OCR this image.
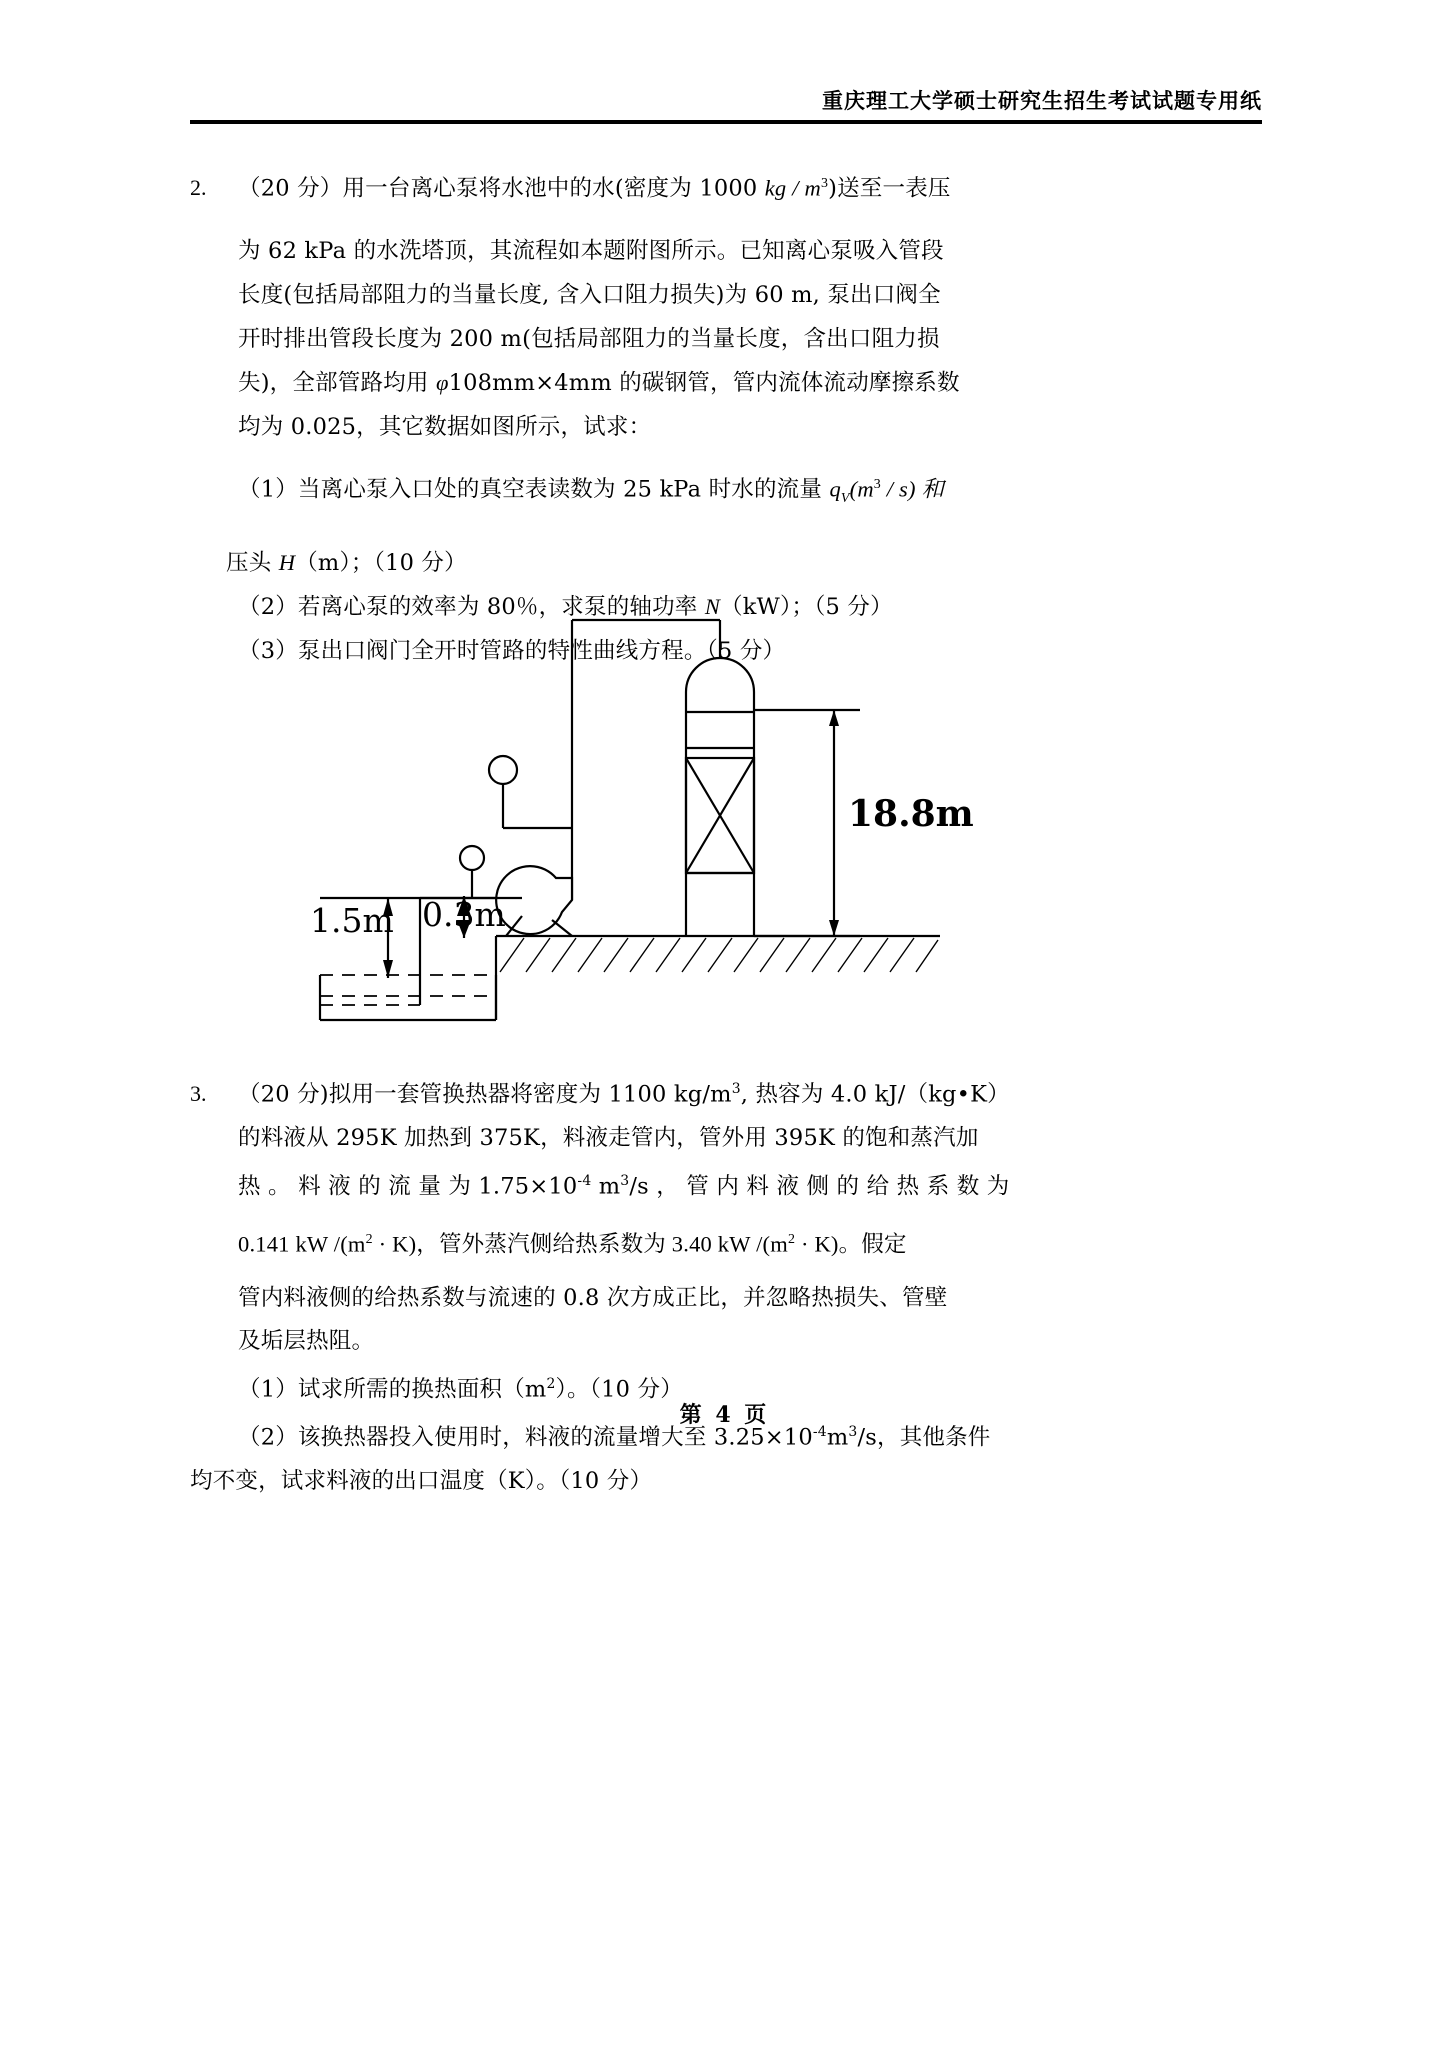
重庆理工大学硕士研究生招生考试试题专用纸
2. （20 分）用一台离心泵将水池中的水(密度为 1000 kg / $m^3$)送至一表压
为 62 kPa 的水洗塔顶，其流程如本题附图所示。已知离心泵吸入管段
长度(包括局部阻力的当量长度, 含入口阻力损失)为 60 m, 泵出口阀全
开时排出管段长度为 200 m(包括局部阻力的当量长度，含出口阻力损
失)，全部管路均用 φ108mm×4mm 的碳钢管，管内流体流动摩擦系数
均为 0.025，其它数据如图所示，试求：
（1）当离心泵入口处的真空表读数为 25 kPa 时水的流量 $q_V(m^3 / s)$ 和
压头 H（m）；（10 分）
（2）若离心泵的效率为 80％，求泵的轴功率 N（kW）；（5 分）
（3）泵出口阀门全开时管路的特性曲线方程。（5 分）
18.8m
1.5m 0.3m
3. （20 分)拟用一套管换热器将密度为 1100 $kg/m^3$, 热容为 4.0 kJ/（kg•K）
的料液从 295K 加热到 375K，料液走管内，管外用 395K 的饱和蒸汽加
热 。 料 液 的 流 量 为 $1.75\times 10^{-4}$ $m^3/s$ ， 管 内 料 液 侧 的 给 热 系 数 为
0.141 kW $/(m^2 \cdot K)$，管外蒸汽侧给热系数为 3.40 kW $/(m^2 \cdot K)$。假定
管内料液侧的给热系数与流速的 0.8 次方成正比，并忽略热损失、管壁
及垢层热阻。
（1）试求所需的换热面积$(m^2)$。（10 分）
（2）该换热器投入使用时，料液的流量增大至 $3.25\times 10^{-4}m^3/s$，其他条件
均不变，试求料液的出口温度（K）。（10 分）
第 4 页
